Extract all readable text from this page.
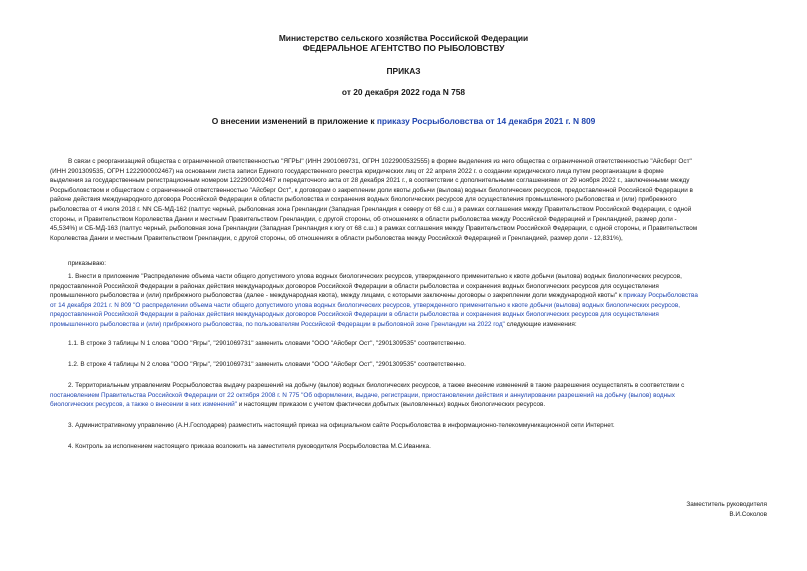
Министерство сельского хозяйства Российской Федерации
ФЕДЕРАЛЬНОЕ АГЕНТСТВО ПО РЫБОЛОВСТВУ
ПРИКАЗ
от 20 декабря 2022 года N 758
О внесении изменений в приложение к приказу Росрыболовства от 14 декабря 2021 г. N 809
В связи с реорганизацией общества с ограниченной ответственностью "ЯГРЫ" (ИНН 2901069731, ОГРН 1022900532555) в форме выделения из него общества с ограниченной ответственностью "Айсберг Ост"
(ИНН 2901309535, ОГРН 1222900002467) на основании листа записи Единого государственного реестра юридических лиц от 22 апреля 2022 г. о создании юридического лица путем реорганизации в форме
выделения за государственным регистрационным номером 1222900002467 и передаточного акта от 28 декабря 2021 г., в соответствии с дополнительными соглашениями от 29 ноября 2022 г., заключенными между
Росрыболовством и обществом с ограниченной ответственностью "Айсберг Ост", к договорам о закреплении доли квоты добычи (вылова) водных биологических ресурсов, предоставленной Российской Федерации в
районе действия международного договора Российской Федерации в области рыболовства и сохранения водных биологических ресурсов для осуществления промышленного рыболовства и (или) прибрежного
рыболовства от 4 июля 2018 г. NN СБ-МД-162 (палтус черный, рыболовная зона Гренландии (Западная Гренландия к северу от 68 с.ш.) в рамках соглашения между Правительством Российской Федерации, с одной
стороны, и Правительством Королевства Дании и местным Правительством Гренландии, с другой стороны, об отношениях в области рыболовства между Российской Федерацией и Гренландией, размер доли -
45,534%) и СБ-МД-163 (палтус черный, рыболовная зона Гренландии (Западная Гренландия к югу от 68 с.ш.) в рамках соглашения между Правительством Российской Федерации, с одной стороны, и Правительством
Королевства Дании и местным Правительством Гренландии, с другой стороны, об отношениях в области рыболовства между Российской Федерацией и Гренландией, размер доли - 12,831%),
приказываю:
1. Внести в приложение "Распределение объема части общего допустимого улова водных биологических ресурсов, утвержденного применительно к квоте добычи (вылова) водных биологических ресурсов,
предоставленной Российской Федерации в районах действия международных договоров Российской Федерации в области рыболовства и сохранения водных биологических ресурсов для осуществления
промышленного рыболовства и (или) прибрежного рыболовства (далее - международная квота), между лицами, с которыми заключены договоры о закреплении доли международной квоты" к приказу Росрыболовства
от 14 декабря 2021 г. N 809 "О распределении объема части общего допустимого улова водных биологических ресурсов, утвержденного применительно к квоте добычи (вылова) водных биологических ресурсов,
предоставленной Российской Федерации в районах действия международных договоров Российской Федерации в области рыболовства и сохранения водных биологических ресурсов для осуществления
промышленного рыболовства и (или) прибрежного рыболовства, по пользователям Российской Федерации в рыболовной зоне Гренландии на 2022 год" следующие изменения:
1.1. В строке 3 таблицы N 1 слова "ООО "Ягры", "2901069731" заменить словами "ООО "Айсберг Ост", "2901309535" соответственно.
1.2. В строке 4 таблицы N 2 слова "ООО "Ягры", "2901069731" заменить словами "ООО "Айсберг Ост", "2901309535" соответственно.
2. Территориальным управлениям Росрыболовства выдачу разрешений на добычу (вылов) водных биологических ресурсов, а также внесение изменений в такие разрешения осуществлять в соответствии с
постановлением Правительства Российской Федерации от 22 октября 2008 г. N 775 "Об оформлении, выдаче, регистрации, приостановлении действия и аннулировании разрешений на добычу (вылов) водных
биологических ресурсов, а также о внесении в них изменений" и настоящим приказом с учетом фактически добытых (выловленных) водных биологических ресурсов.
3. Административному управлению (А.Н.Господарев) разместить настоящий приказ на официальном сайте Росрыболовства в информационно-телекоммуникационной сети Интернет.
4. Контроль за исполнением настоящего приказа возложить на заместителя руководителя Росрыболовства М.С.Иваника.
Заместитель руководителя
В.И.Соколов
